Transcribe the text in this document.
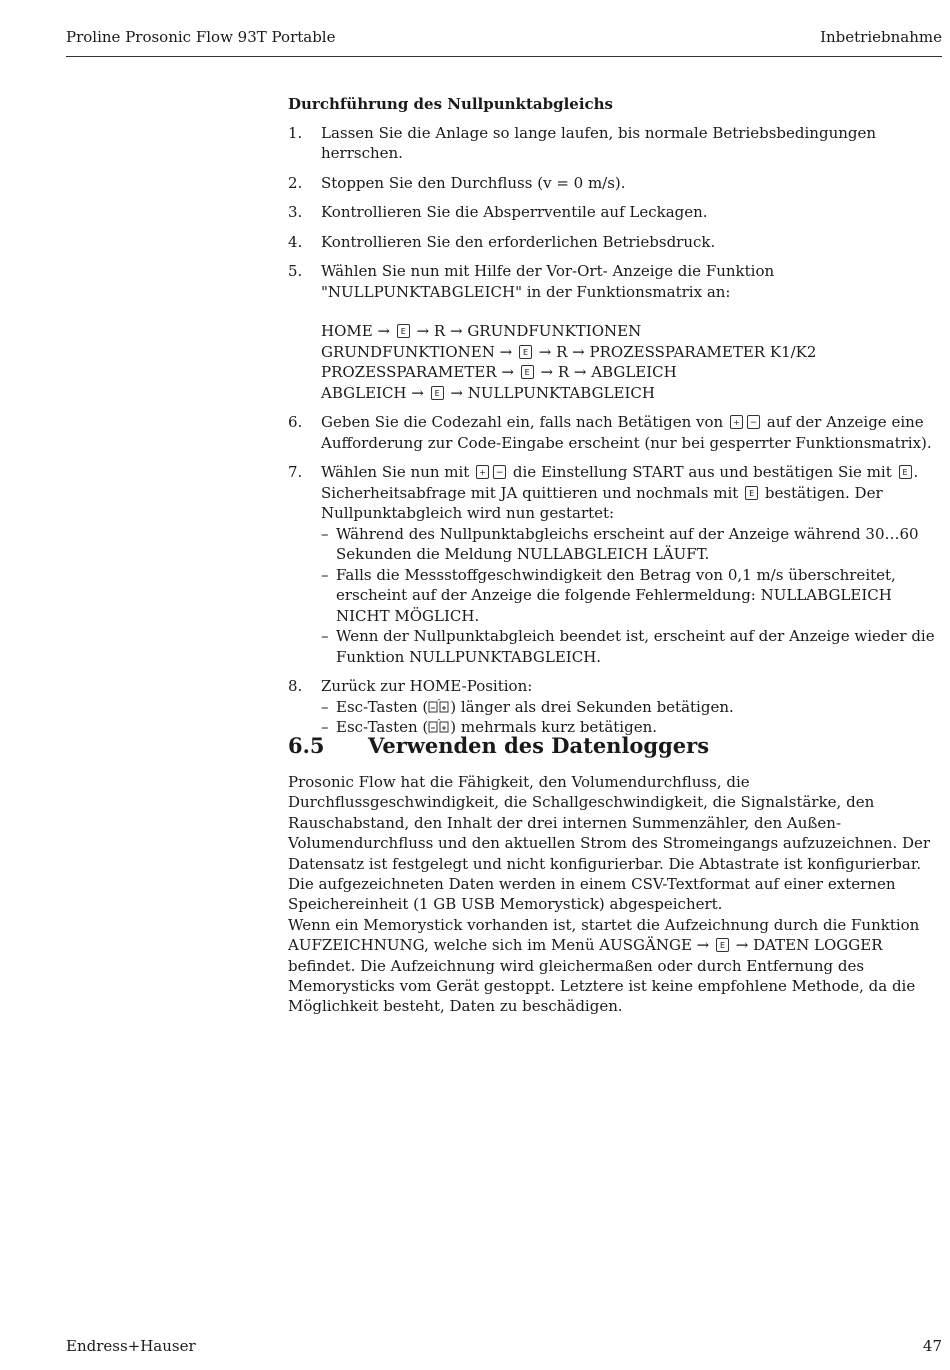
Proline Prosonic Flow 93T Portable	Inbetriebnahme
Durchführung des Nullpunktabgleichs
1. Lassen Sie die Anlage so lange laufen, bis normale Betriebsbedingungen herrschen.
2. Stoppen Sie den Durchfluss (v = 0 m/s).
3. Kontrollieren Sie die Absperrventile auf Leckagen.
4. Kontrollieren Sie den erforderlichen Betriebsdruck.
5. Wählen Sie nun mit Hilfe der Vor-Ort- Anzeige die Funktion "NULLPUNKTABGLEICH" in der Funktionsmatrix an:
HOME → E → R → GRUNDFUNKTIONEN
GRUNDFUNKTIONEN → E → R → PROZESSPARAMETER K1/K2
PROZESSPARAMETER → E → R → ABGLEICH
ABGLEICH → E → NULLPUNKTABGLEICH
6. Geben Sie die Codezahl ein, falls nach Betätigen von + − auf der Anzeige eine Aufforderung zur Code-Eingabe erscheint (nur bei gesperrter Funktionsmatrix).
7. Wählen Sie nun mit + − die Einstellung START aus und bestätigen Sie mit E .
Sicherheitsabfrage mit JA quittieren und nochmals mit E bestätigen. Der Nullpunktabgleich wird nun gestartet:
– Während des Nullpunktabgleichs erscheint auf der Anzeige während 30…60 Sekunden die Meldung NULLABGLEICH LÄUFT.
– Falls die Messstoffgeschwindigkeit den Betrag von 0,1 m/s überschreitet, erscheint auf der Anzeige die folgende Fehlermeldung: NULLABGLEICH NICHT MÖGLICH.
– Wenn der Nullpunktabgleich beendet ist, erscheint auf der Anzeige wieder die Funktion NULLPUNKTABGLEICH.
8. Zurück zur HOME-Position:
– Esc-Tasten ( ^ ) länger als drei Sekunden betätigen.
– Esc-Tasten ( ^ ) mehrmals kurz betätigen.
6.5 Verwenden des Datenloggers
Prosonic Flow hat die Fähigkeit, den Volumendurchfluss, die Durchflussgeschwindigkeit, die Schallgeschwindigkeit, die Signalstärke, den Rauschabstand, den Inhalt der drei internen Summenzähler, den Außen-Volumendurchfluss und den aktuellen Strom des Stromeingangs aufzuzeichnen. Der Datensatz ist festgelegt und nicht konfigurierbar. Die Abtastrate ist konfigurierbar. Die aufgezeichneten Daten werden in einem CSV-Textformat auf einer externen Speichereinheit (1 GB USB Memorystick) abgespeichert.
Wenn ein Memorystick vorhanden ist, startet die Aufzeichnung durch die Funktion AUFZEICHNUNG, welche sich im Menü AUSGÄNGE → E → DATEN LOGGER befindet. Die Aufzeichnung wird gleichermaßen oder durch Entfernung des Memorysticks vom Gerät gestoppt. Letztere ist keine empfohlene Methode, da die Möglichkeit besteht, Daten zu beschädigen.
Endress+Hauser	47
